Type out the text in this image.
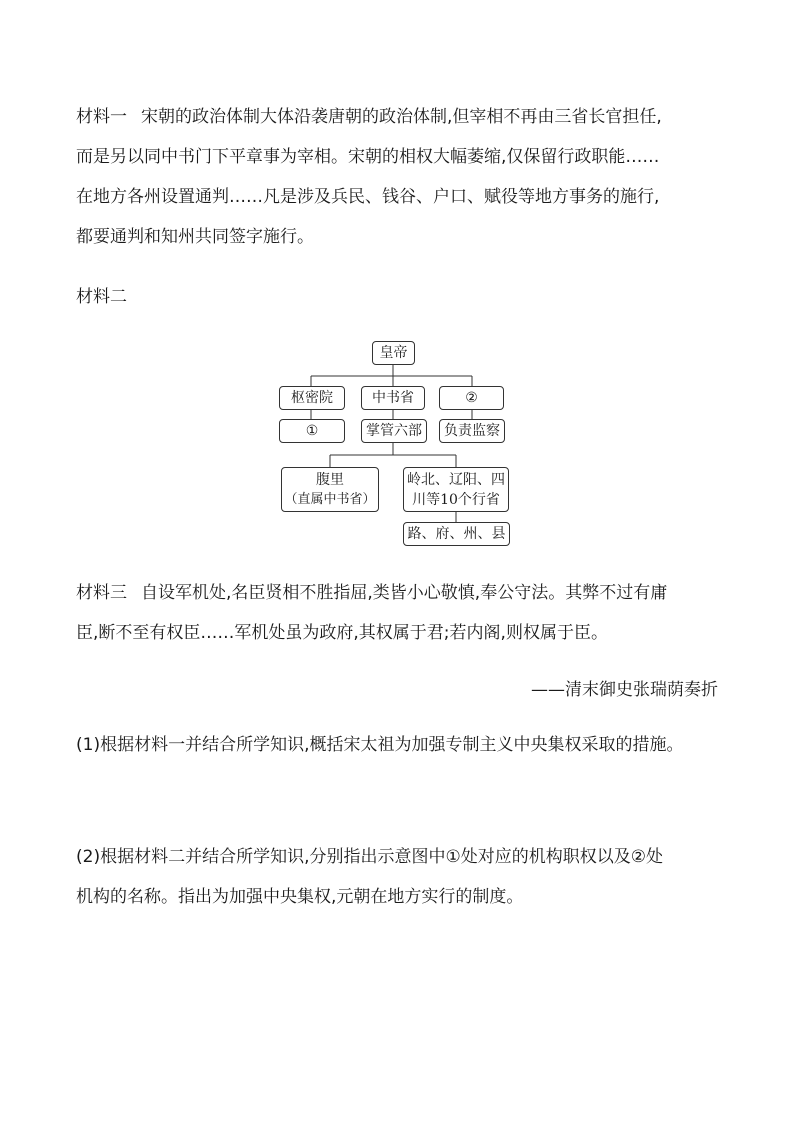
材料一 宋朝的政治体制大体沿袭唐朝的政治体制,但宰相不再由三省长官担任,
而是另以同中书门下平章事为宰相。宋朝的相权大幅萎缩,仅保留行政职能……
在地方各州设置通判……凡是涉及兵民、钱谷、户口、赋役等地方事务的施行,
都要通判和知州共同签字施行。
材料二
皇帝
枢密院	中书省	②
①	掌管六部	负责监察
腹里
（直属中书省）
岭北、辽阳、四
川等10个行省
路、府、州、县
材料三 自设军机处,名臣贤相不胜指屈,类皆小心敬慎,奉公守法。其弊不过有庸
臣,断不至有权臣……军机处虽为政府,其权属于君;若内阁,则权属于臣。
——清末御史张瑞荫奏折
(1)根据材料一并结合所学知识,概括宋太祖为加强专制主义中央集权采取的措施。
(2)根据材料二并结合所学知识,分别指出示意图中①处对应的机构职权以及②处
机构的名称。指出为加强中央集权,元朝在地方实行的制度。
